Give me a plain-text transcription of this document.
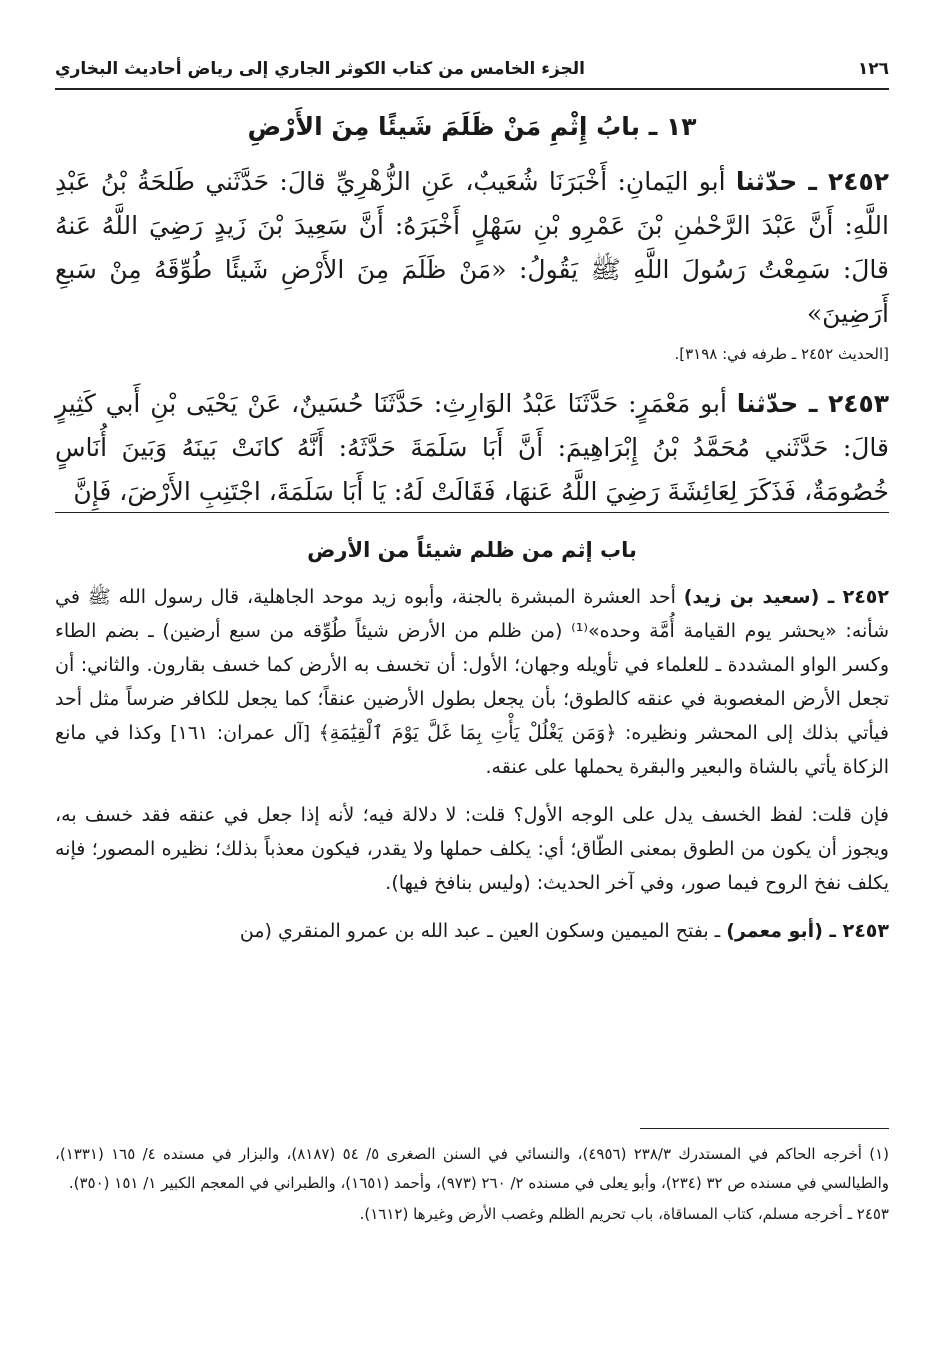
١٢٦
الجزء الخامس من كتاب الكوثر الجاري إلى رياض أحاديث البخاري
١٣ ـ بابُ إِثْمِ مَنْ ظَلَمَ شَيئًا مِنَ الأَرْضِ

٢٤٥٢ ـ حدّثنا أبو اليَمانِ: أَخْبَرَنَا شُعَيبٌ، عَنِ الزُّهْرِيِّ قالَ: حَدَّثَني طَلحَةُ بْنُ عَبْدِ اللَّهِ: أَنَّ عَبْدَ الرَّحْمٰنِ بْنَ عَمْرِو بْنِ سَهْلٍ أَخْبَرَهُ: أَنَّ سَعِيدَ بْنَ زَيدٍ رَضِيَ اللَّهُ عَنهُ قالَ: سَمِعْتُ رَسُولَ اللَّهِ ﷺ يَقُولُ: «مَنْ ظَلَمَ مِنَ الأَرْضِ شَيئًا طُوِّقَهُ مِنْ سَبعِ أَرَضِينَ»

[الحديث ٢٤٥٢ ـ طرفه في: ٣١٩٨].

٢٤٥٣ ـ حدّثنا أبو مَعْمَرٍ: حَدَّثَنَا عَبْدُ الوَارِثِ: حَدَّثَنَا حُسَينٌ، عَنْ يَحْيَى بْنِ أَبي كَثِيرٍ قالَ: حَدَّثَني مُحَمَّدُ بْنُ إِبْرَاهِيمَ: أَنَّ أَبَا سَلَمَةَ حَدَّثَهُ: أَنَّهُ كانَتْ بَينَهُ وَبَينَ أُنَاسٍ خُصُومَةٌ، فَذَكَرَ لِعَائِشَةَ رَضِيَ اللَّهُ عَنهَا، فَقَالَتْ لَهُ: يَا أَبَا سَلَمَةَ، اجْتَنِبِ الأَرْضَ، فَإِنَّ

باب إثم من ظلم شيئاً من الأرض

٢٤٥٢ ـ (سعيد بن زيد) أحد العشرة المبشرة بالجنة، وأبوه زيد موحد الجاهلية، قال رسول الله ﷺ في شأنه: «يحشر يوم القيامة أُمَّة وحده»⁽¹⁾ (من ظلم من الأرض شيئاً طُوِّقه من سبع أرضين) ـ بضم الطاء وكسر الواو المشددة ـ للعلماء في تأويله وجهان؛ الأول: أن تخسف به الأرض كما خسف بقارون. والثاني: أن تجعل الأرض المغصوبة في عنقه كالطوق؛ بأن يجعل بطول الأرضين عنقاً؛ كما يجعل للكافر ضرساً مثل أحد فيأتي بذلك إلى المحشر ونظيره: ﴿وَمَن يَغْلُلْ يَأْتِ بِمَا غَلَّ يَوْمَ ٱلْقِيَٰمَةِ﴾ [آل عمران: ١٦١] وكذا في مانع الزكاة يأتي بالشاة والبعير والبقرة يحملها على عنقه.

فإن قلت: لفظ الخسف يدل على الوجه الأول؟ قلت: لا دلالة فيه؛ لأنه إذا جعل في عنقه فقد خسف به، ويجوز أن يكون من الطوق بمعنى الطّاق؛ أي: يكلف حملها ولا يقدر، فيكون معذباً بذلك؛ نظيره المصور؛ فإنه يكلف نفخ الروح فيما صور، وفي آخر الحديث: (وليس بنافخ فيها).

٢٤٥٣ ـ (أبو معمر) ـ بفتح الميمين وسكون العين ـ عبد الله بن عمرو المنقري (من

(١) أخرجه الحاكم في المستدرك ٢٣٨/٣ (٤٩٥٦)، والنسائي في السنن الصغرى ٥/ ٥٤ (٨١٨٧)، والبزار في مسنده ٤/ ١٦٥ (١٣٣١)، والطيالسي في مسنده ص ٣٢ (٢٣٤)، وأبو يعلى في مسنده ٢/ ٢٦٠ (٩٧٣)، وأحمد (١٦٥١)، والطبراني في المعجم الكبير ١/ ١٥١ (٣٥٠).

٢٤٥٣ ـ أخرجه مسلم، كتاب المساقاة، باب تحريم الظلم وغصب الأرض وغيرها (١٦١٢).
